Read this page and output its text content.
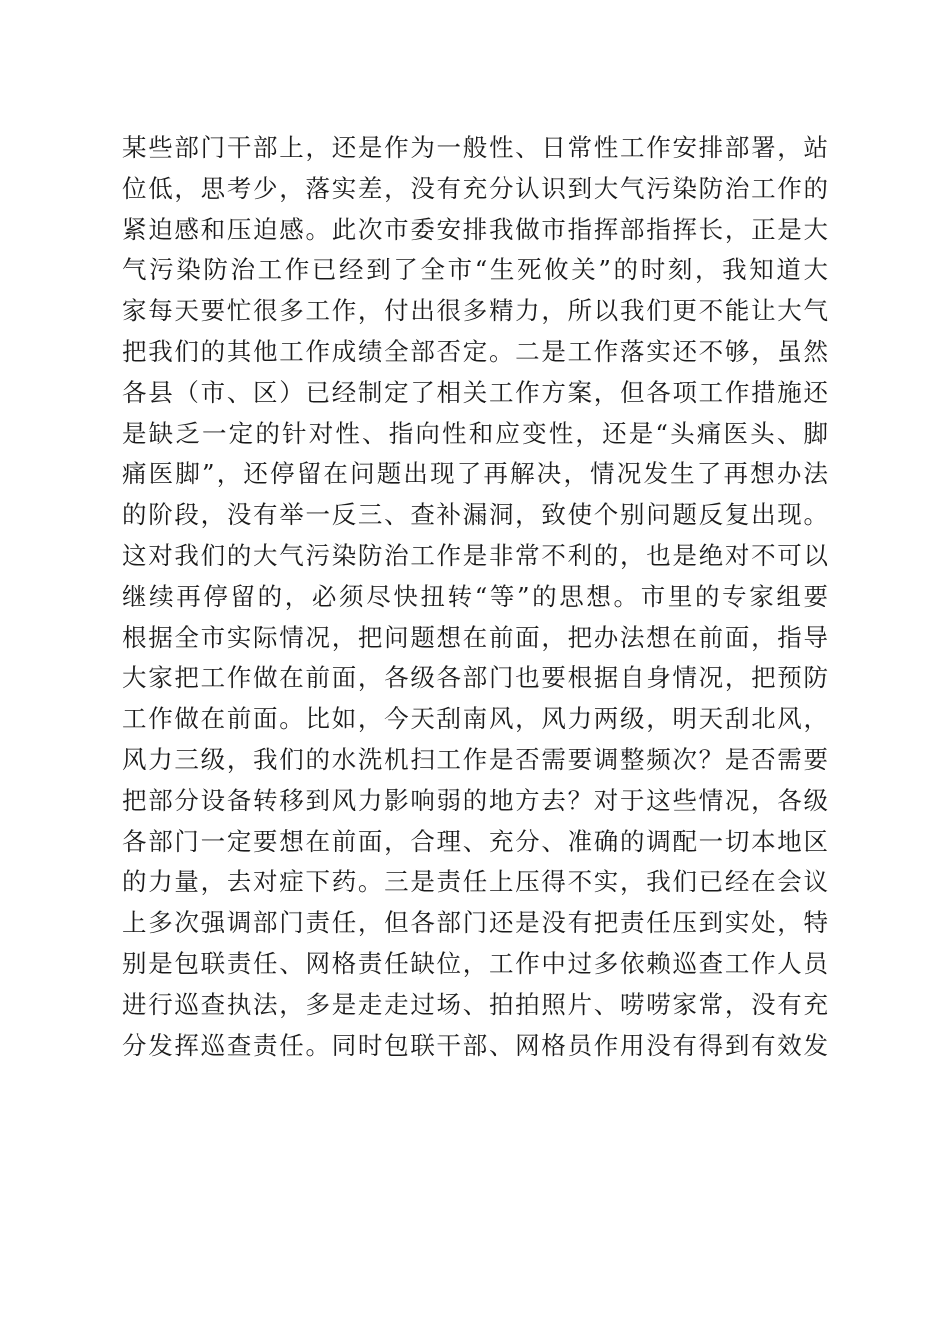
某些部门干部上，还是作为一般性、日常性工作安排部署，站
位低，思考少，落实差，没有充分认识到大气污染防治工作的
紧迫感和压迫感。此次市委安排我做市指挥部指挥长，正是大
气污染防治工作已经到了全市“生死攸关”的时刻，我知道大
家每天要忙很多工作，付出很多精力，所以我们更不能让大气
把我们的其他工作成绩全部否定。二是工作落实还不够，虽然
各县（市、区）已经制定了相关工作方案，但各项工作措施还
是缺乏一定的针对性、指向性和应变性，还是“头痛医头、脚
痛医脚”，还停留在问题出现了再解决，情况发生了再想办法
的阶段，没有举一反三、查补漏洞，致使个别问题反复出现。
这对我们的大气污染防治工作是非常不利的，也是绝对不可以
继续再停留的，必须尽快扭转“等”的思想。市里的专家组要
根据全市实际情况，把问题想在前面，把办法想在前面，指导
大家把工作做在前面，各级各部门也要根据自身情况，把预防
工作做在前面。比如，今天刮南风，风力两级，明天刮北风，
风力三级，我们的水洗机扫工作是否需要调整频次？是否需要
把部分设备转移到风力影响弱的地方去？对于这些情况，各级
各部门一定要想在前面，合理、充分、准确的调配一切本地区
的力量，去对症下药。三是责任上压得不实，我们已经在会议
上多次强调部门责任，但各部门还是没有把责任压到实处，特
别是包联责任、网格责任缺位，工作中过多依赖巡查工作人员
进行巡查执法，多是走走过场、拍拍照片、唠唠家常，没有充
分发挥巡查责任。同时包联干部、网格员作用没有得到有效发
